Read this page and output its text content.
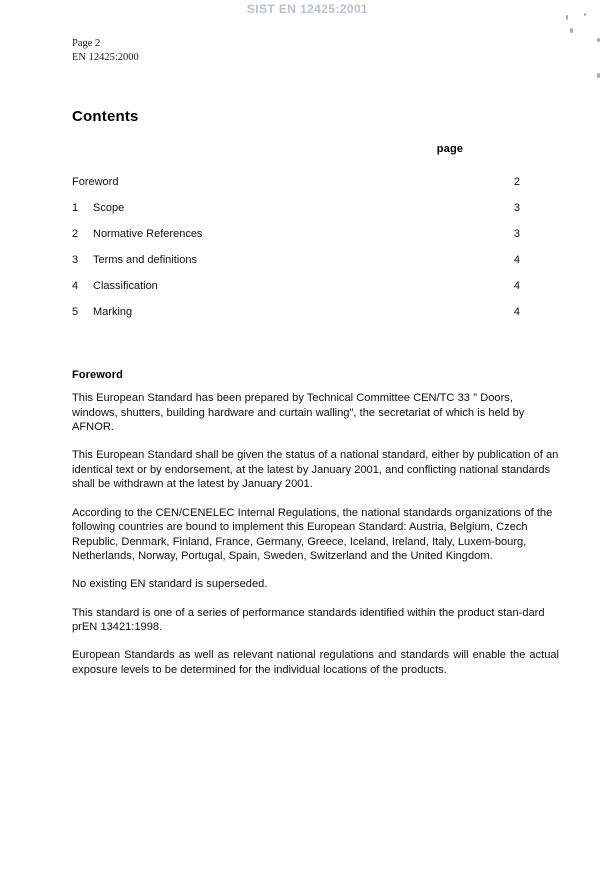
SIST EN 12425:2001
Page 2
EN 12425:2000
Contents
page
Foreword	2
1	Scope	3
2	Normative References	3
3	Terms and definitions	4
4	Classification	4
5	Marking	4
Foreword

This European Standard has been prepared by Technical Committee CEN/TC 33 " Doors, windows, shutters, building hardware and curtain walling", the secretariat of which is held by AFNOR.

This European Standard shall be given the status of a national standard, either by publication of an identical text or by endorsement, at the latest by January 2001, and conflicting national standards shall be withdrawn at the latest by January 2001.

According to the CEN/CENELEC Internal Regulations, the national standards organizations of the following countries are bound to implement this European Standard: Austria, Belgium, Czech Republic, Denmark, Finland, France, Germany, Greece, Iceland, Ireland, Italy, Luxem-bourg, Netherlands, Norway, Portugal, Spain, Sweden, Switzerland and the United Kingdom.

No existing EN standard is superseded.

This standard is one of a series of performance standards identified within the product stan-dard prEN 13421:1998.

European Standards as well as relevant national regulations and standards will enable the actual exposure levels to be determined for the individual locations of the products.
